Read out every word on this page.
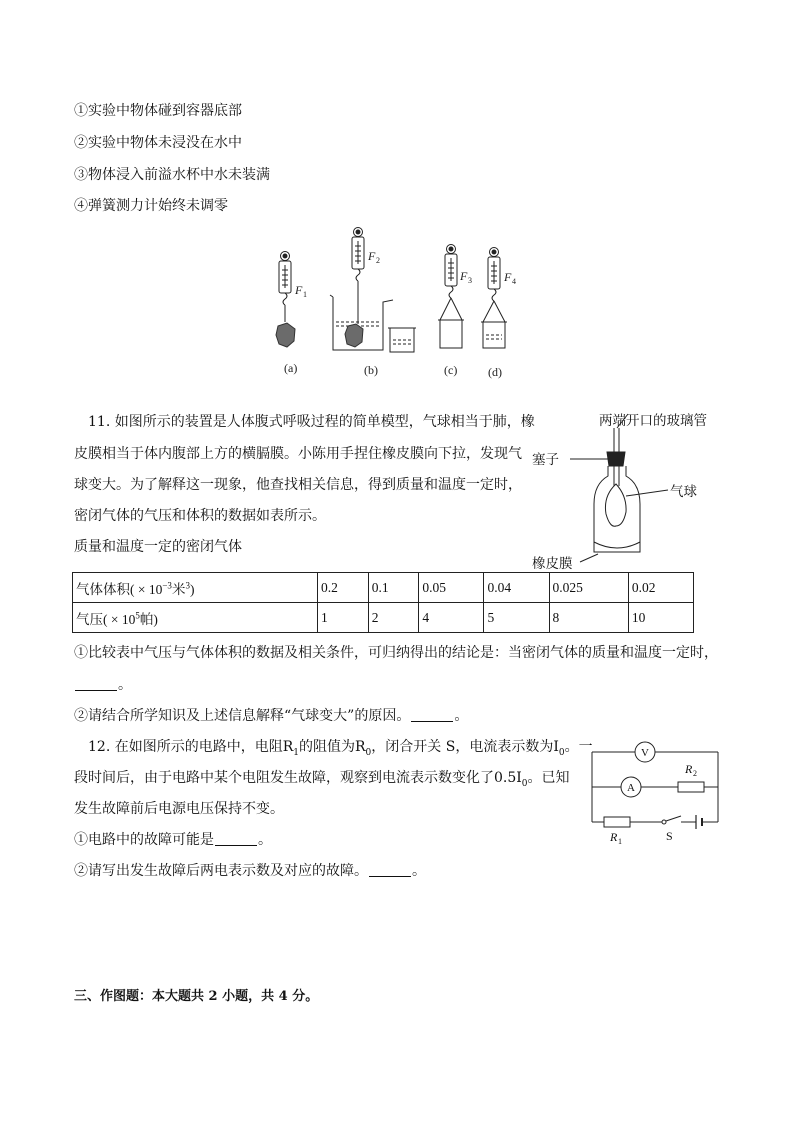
①实验中物体碰到容器底部
②实验中物体未浸没在水中
③物体浸入前溢水杯中水未装满
④弹簧测力计始终未调零
F 1
F 2
F 3	F 4
(a)	(b)	(c)	(d)
11. 如图所示的装置是人体腹式呼吸过程的简单模型，气球相当于肺，橡
皮膜相当于体内腹部上方的横膈膜。小陈用手捏住橡皮膜向下拉，发现气
球变大。为了解释这一现象，他查找相关信息，得到质量和温度一定时，
密闭气体的气压和体积的数据如表所示。
质量和温度一定的密闭气体
两端开口的玻璃管
塞子
气球
橡皮膜
气体体积( × $10^{-3}$米$^3$)	0.2	0.1	0.05	0.04	0.025	0.02
气压( × $10^5$帕)	1	2	4	5	8	10
①比较表中气压与气体体积的数据及相关条件，可归纳得出的结论是：当密闭气体的质量和温度一定时，
。
②请结合所学知识及上述信息解释“气球变大”的原因。	。
12. 在如图所示的电路中，电阻$R_1$的阻值为$R_0$，闭合开关 S，电流表示数为$I_0$。一
段时间后，由于电路中某个电阻发生故障，观察到电流表示数变化了$0.5I_0$。已知
发生故障前后电源电压保持不变。
①电路中的故障可能是	。
②请写出发生故障后两电表示数及对应的故障。	。
V
A
R 2
R 1	S
三、作图题：本大题共 2 小题，共 4 分。
